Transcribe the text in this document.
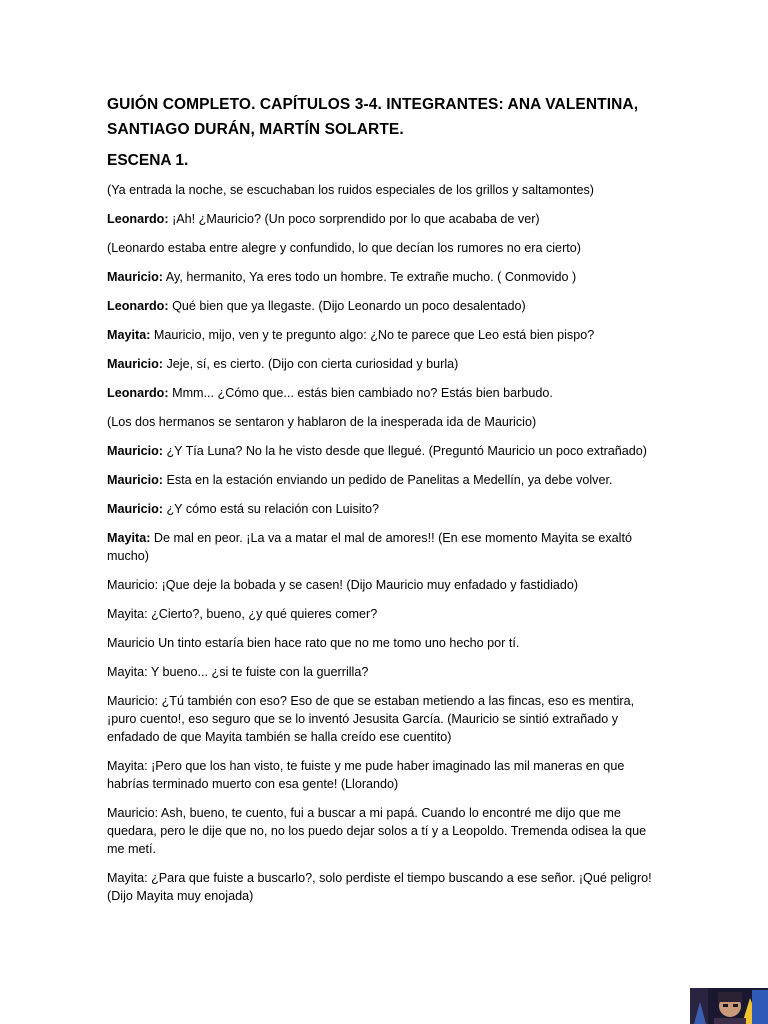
GUIÓN COMPLETO. CAPÍTULOS 3-4. INTEGRANTES: ANA VALENTINA, SANTIAGO DURÁN, MARTÍN SOLARTE.
ESCENA 1.
(Ya entrada la noche, se escuchaban los ruidos especiales de los grillos y saltamontes)
Leonardo: ¡Ah! ¿Mauricio? (Un poco sorprendido por lo que acababa de ver)
(Leonardo estaba entre alegre y confundido, lo que decían los rumores no era cierto)
Mauricio: Ay, hermanito, Ya eres todo un hombre. Te extrañe mucho. ( Conmovido )
Leonardo: Qué bien que ya llegaste. (Dijo Leonardo un poco desalentado)
Mayita: Mauricio, mijo, ven y te pregunto algo: ¿No te parece que Leo está bien pispo?
Mauricio: Jeje, sí, es cierto. (Dijo con cierta curiosidad y burla)
Leonardo: Mmm... ¿Cómo que... estás bien cambiado no? Estás bien barbudo.
(Los dos hermanos se sentaron y hablaron de la inesperada ida de Mauricio)
Mauricio: ¿Y Tía Luna? No la he visto desde que llegué. (Preguntó Mauricio un poco extrañado)
Mauricio: Esta en la estación enviando un pedido de Panelitas a Medellín, ya debe volver.
Mauricio: ¿Y cómo está su relación con Luisito?
Mayita: De mal en peor. ¡La va a matar el mal de amores!! (En ese momento Mayita se exaltó mucho)
Mauricio: ¡Que deje la bobada y se casen! (Dijo Mauricio muy enfadado y fastidiado)
Mayita: ¿Cierto?, bueno, ¿y qué quieres comer?
Mauricio Un tinto estaría bien hace rato que no me tomo uno hecho por tí.
Mayita: Y bueno... ¿si te fuiste con la guerrilla?
Mauricio: ¿Tú también con eso? Eso de que se estaban metiendo a las fincas, eso es mentira, ¡puro cuento!, eso seguro que se lo inventó Jesusita García. (Mauricio se sintió extrañado y enfadado de que Mayita también se halla creído ese cuentito)
Mayita: ¡Pero que los han visto, te fuiste y me pude haber imaginado las mil maneras en que habrías terminado muerto con esa gente! (Llorando)
Mauricio: Ash, bueno, te cuento, fui a buscar a mi papá. Cuando lo encontré me dijo que me quedara, pero le dije que no, no los puedo dejar solos a tí y a Leopoldo. Tremenda odisea la que me metí.
Mayita: ¿Para que fuiste a buscarlo?, solo perdiste el tiempo buscando a ese señor. ¡Qué peligro! (Dijo Mayita muy enojada)
